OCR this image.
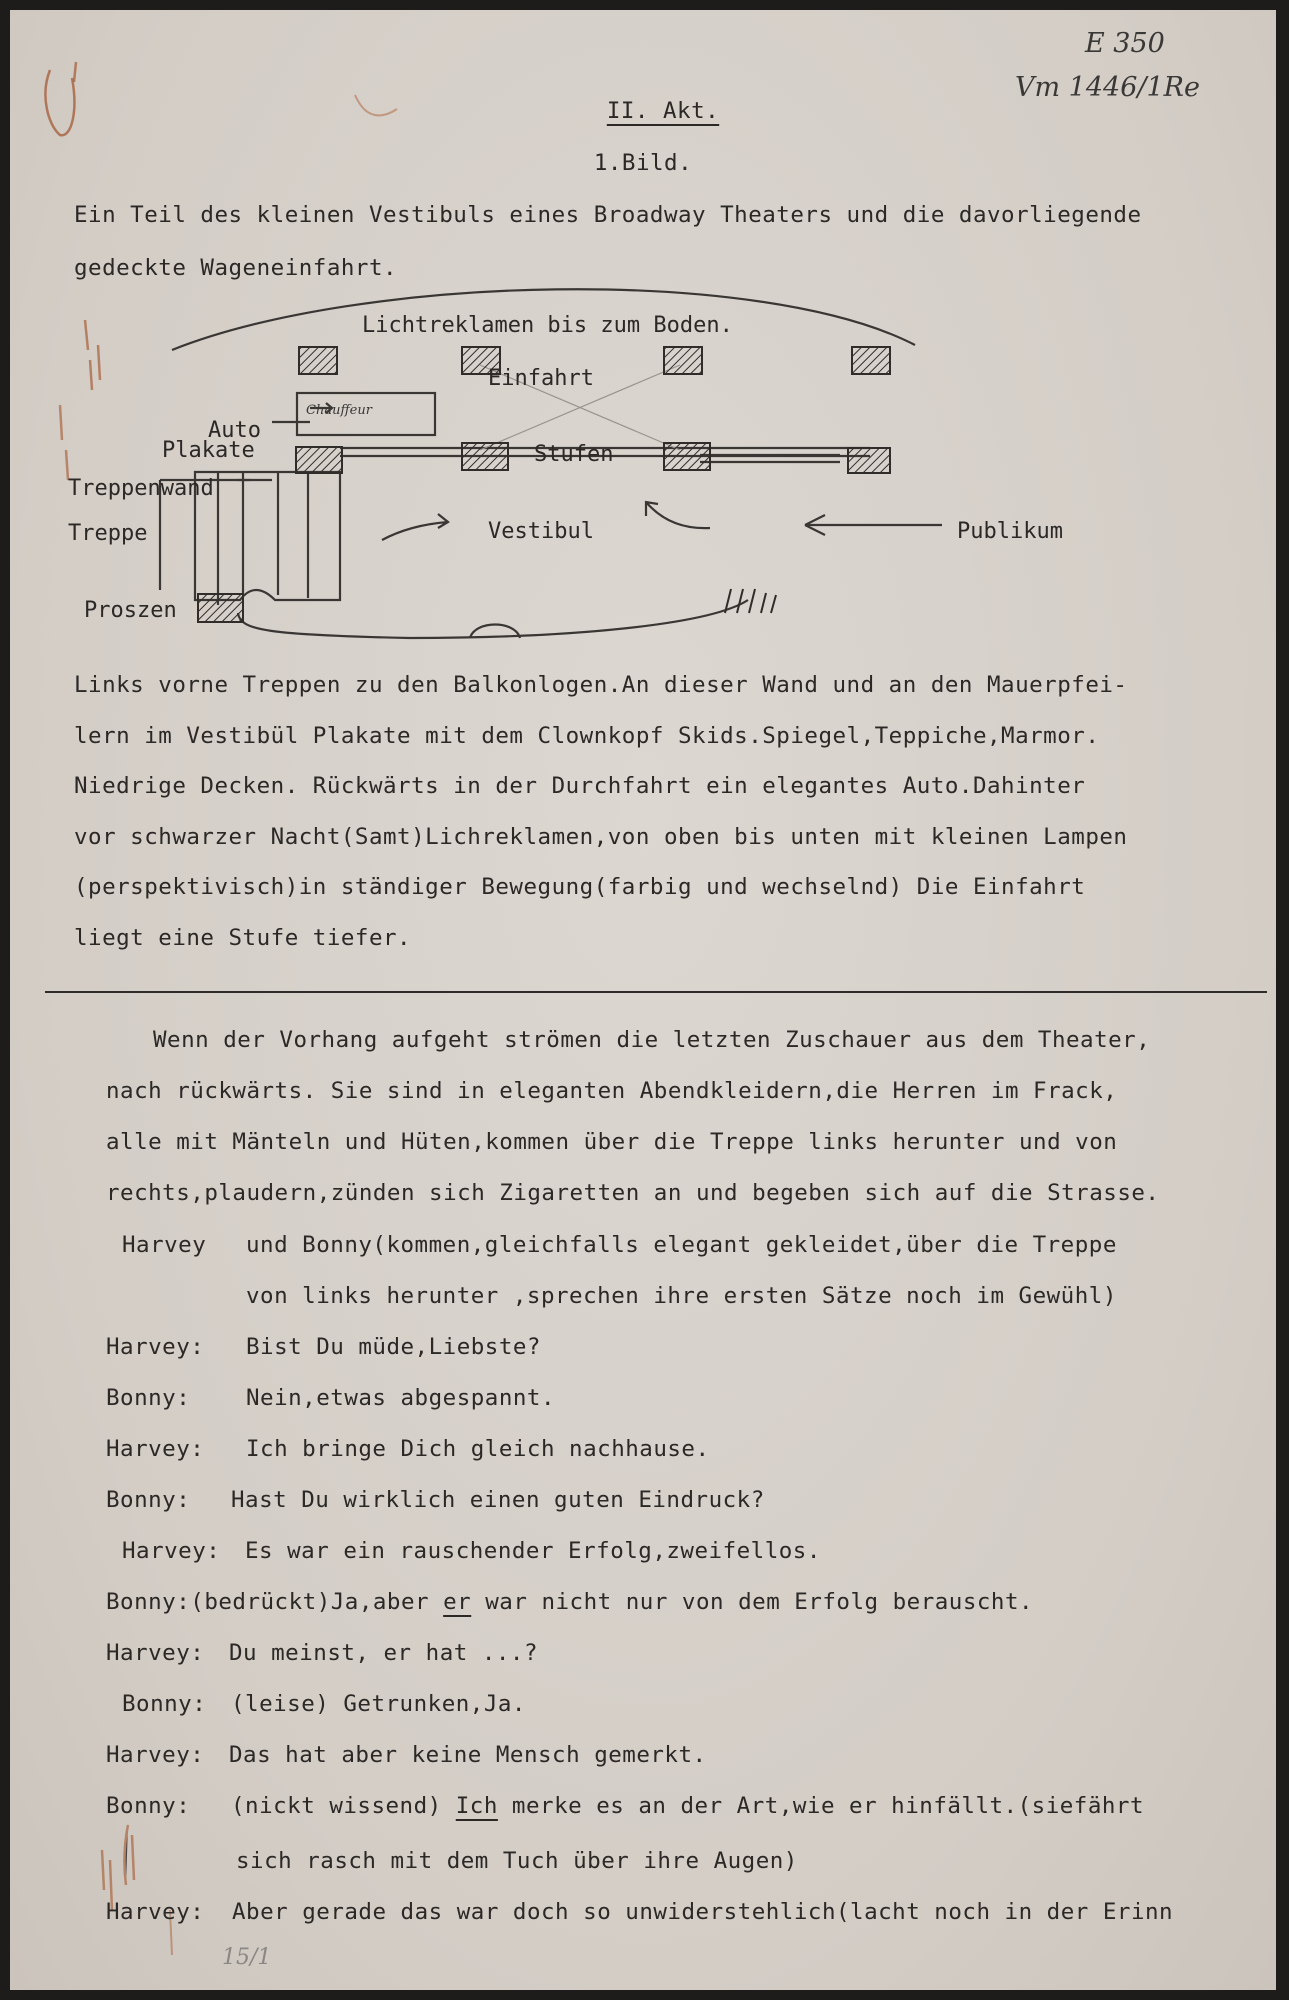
E 350

Vm 1446/1Re

15/1

II. Akt.

1.Bild.

Ein Teil des kleinen Vestibuls eines Broadway Theaters und die davorliegende

gedeckte Wageneinfahrt.

Lichtreklamen bis zum Boden.

Einfahrt

Chauffeur

Auto

Plakate	Stufen

Treppenwand

Treppe	Vestibul	Publikum

Proszen

Links vorne Treppen zu den Balkonlogen.An dieser Wand und an den Mauerpfei-

lern im Vestibül Plakate mit dem Clownkopf Skids.Spiegel,Teppiche,Marmor.

Niedrige Decken. Rückwärts in der Durchfahrt ein elegantes Auto.Dahinter

vor schwarzer Nacht(Samt)Lichreklamen,von oben bis unten mit kleinen Lampen

(perspektivisch)in ständiger Bewegung(farbig und wechselnd) Die Einfahrt

liegt eine Stufe tiefer.

Wenn der Vorhang aufgeht strömen die letzten Zuschauer aus dem Theater,

nach rückwärts. Sie sind in eleganten Abendkleidern,die Herren im Frack,

alle mit Mänteln und Hüten,kommen über die Treppe links herunter und von

rechts,plaudern,zünden sich Zigaretten an und begeben sich auf die Strasse.

Harvey und Bonny(kommen,gleichfalls elegant gekleidet,über die Treppe

von links herunter ,sprechen ihre ersten Sätze noch im Gewühl)

Harvey: Bist Du müde,Liebste?

Bonny: Nein,etwas abgespannt.

Harvey: Ich bringe Dich gleich nachhause.

Bonny: Hast Du wirklich einen guten Eindruck?

Harvey: Es war ein rauschender Erfolg,zweifellos.

Bonny:(bedrückt)Ja,aber er war nicht nur von dem Erfolg berauscht.

Harvey: Du meinst, er hat ...?

Bonny: (leise) Getrunken,Ja.

Harvey: Das hat aber keine Mensch gemerkt.

Bonny: (nickt wissend) Ich merke es an der Art,wie er hinfällt.(siefährt

sich rasch mit dem Tuch über ihre Augen)

Harvey: Aber gerade das war doch so unwiderstehlich(lacht noch in der Erinn
